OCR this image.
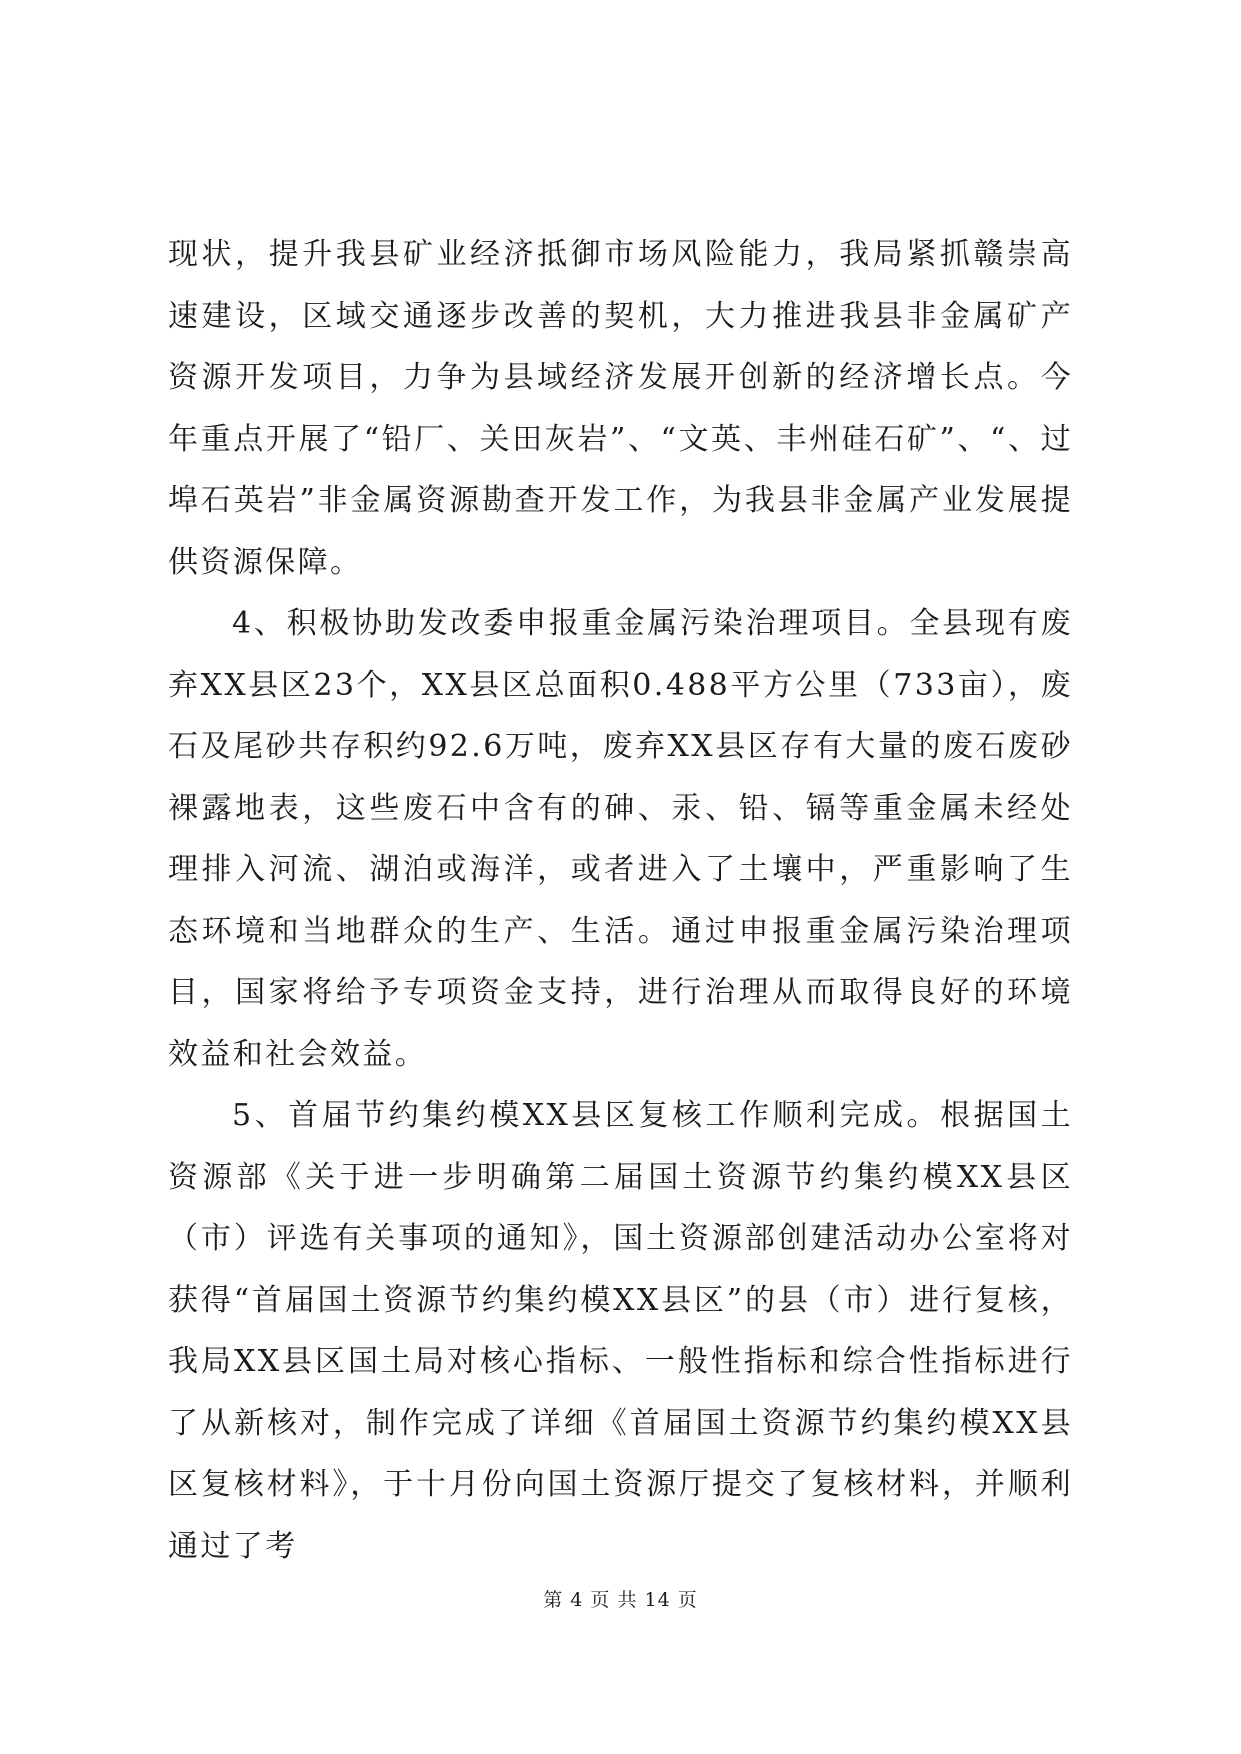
现状，提升我县矿业经济抵御市场风险能力，我局紧抓赣崇高速建设，区域交通逐步改善的契机，大力推进我县非金属矿产资源开发项目，力争为县域经济发展开创新的经济增长点。今年重点开展了“铅厂、关田灰岩”、“文英、丰州硅石矿”、“、过埠石英岩”非金属资源勘查开发工作，为我县非金属产业发展提供资源保障。

4、积极协助发改委申报重金属污染治理项目。全县现有废弃XX县区23个，XX县区总面积0.488平方公里（733亩），废石及尾砂共存积约92.6万吨，废弃XX县区存有大量的废石废砂裸露地表，这些废石中含有的砷、汞、铅、镉等重金属未经处理排入河流、湖泊或海洋，或者进入了土壤中，严重影响了生态环境和当地群众的生产、生活。通过申报重金属污染治理项目，国家将给予专项资金支持，进行治理从而取得良好的环境效益和社会效益。

5、首届节约集约模XX县区复核工作顺利完成。根据国土资源部《关于进一步明确第二届国土资源节约集约模XX县区（市）评选有关事项的通知》，国土资源部创建活动办公室将对获得“首届国土资源节约集约模XX县区”的县（市）进行复核，我局XX县区国土局对核心指标、一般性指标和综合性指标进行了从新核对，制作完成了详细《首届国土资源节约集约模XX县区复核材料》，于十月份向国土资源厅提交了复核材料，并顺利通过了考

第 4 页 共 14 页
